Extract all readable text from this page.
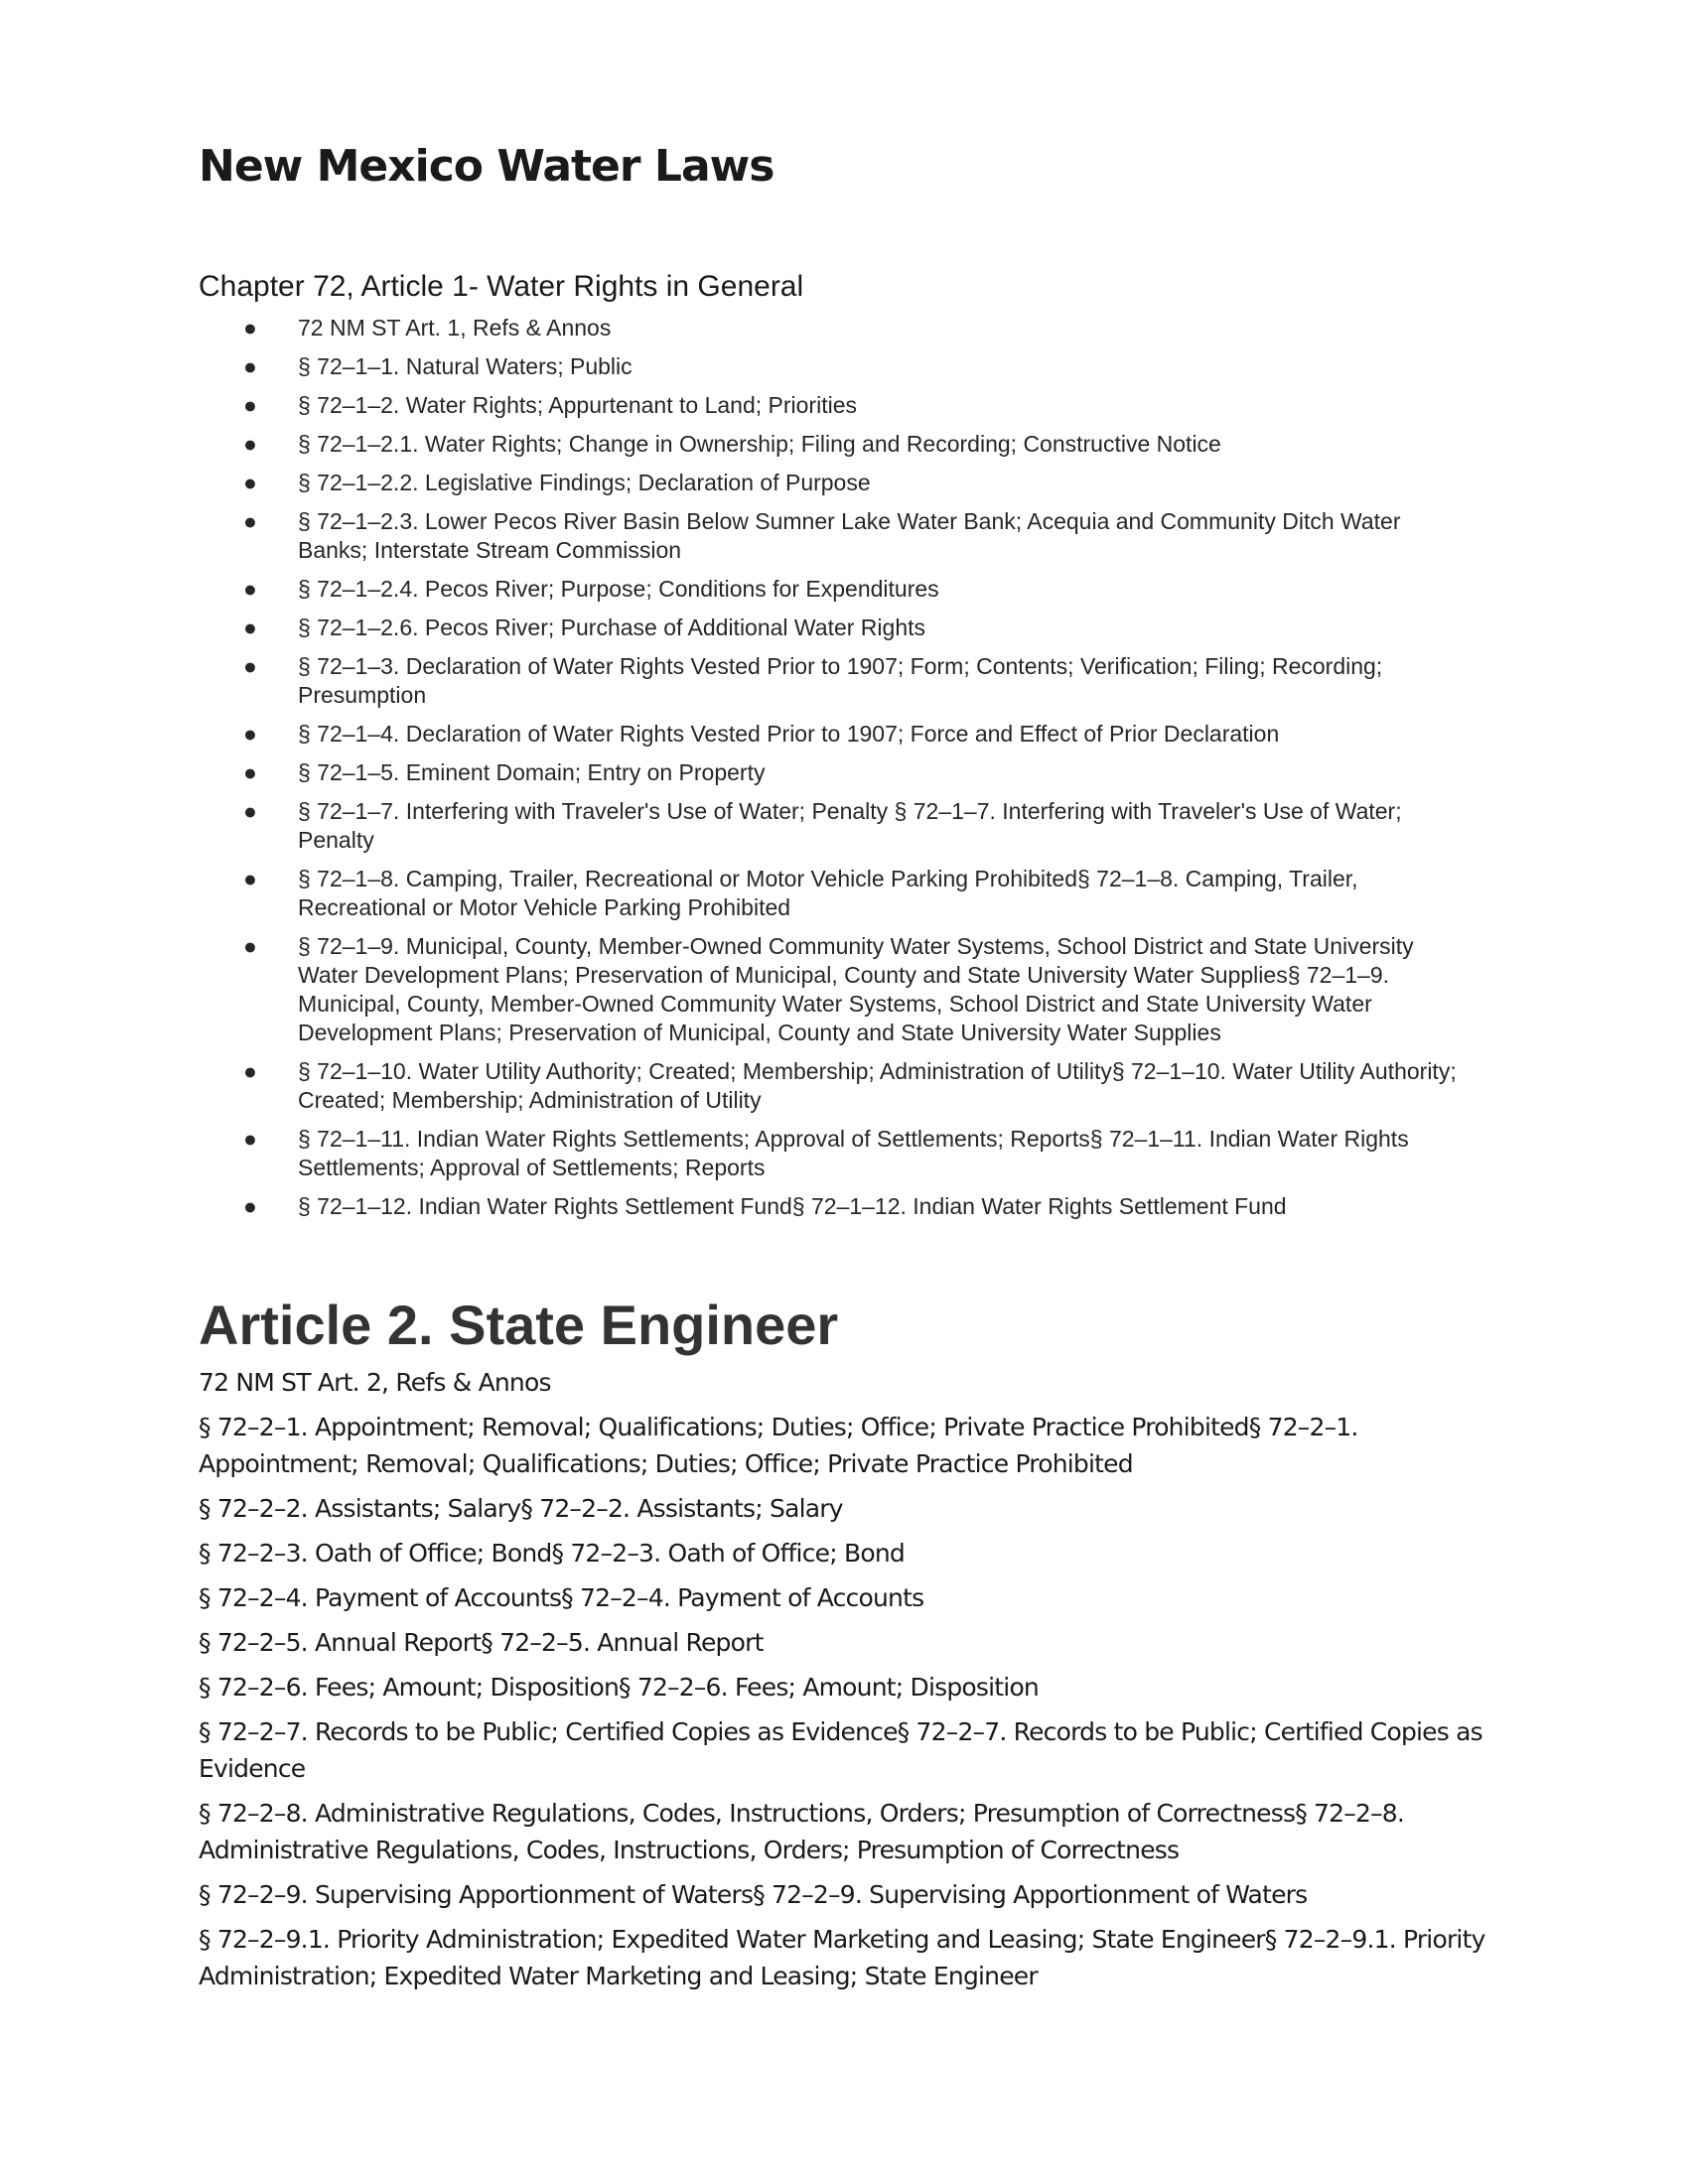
New Mexico Water Laws
Chapter 72, Article 1- Water Rights in General
● 72 NM ST Art. 1, Refs & Annos
● § 72–1–1. Natural Waters; Public
● § 72–1–2. Water Rights; Appurtenant to Land; Priorities
● § 72–1–2.1. Water Rights; Change in Ownership; Filing and Recording; Constructive Notice
● § 72–1–2.2. Legislative Findings; Declaration of Purpose
● § 72–1–2.3. Lower Pecos River Basin Below Sumner Lake Water Bank; Acequia and Community Ditch Water Banks; Interstate Stream Commission
● § 72–1–2.4. Pecos River; Purpose; Conditions for Expenditures
● § 72–1–2.6. Pecos River; Purchase of Additional Water Rights
● § 72–1–3. Declaration of Water Rights Vested Prior to 1907; Form; Contents; Verification; Filing; Recording; Presumption
● § 72–1–4. Declaration of Water Rights Vested Prior to 1907; Force and Effect of Prior Declaration
● § 72–1–5. Eminent Domain; Entry on Property
● § 72–1–7. Interfering with Traveler's Use of Water; Penalty § 72–1–7. Interfering with Traveler's Use of Water; Penalty
● § 72–1–8. Camping, Trailer, Recreational or Motor Vehicle Parking Prohibited§ 72–1–8. Camping, Trailer, Recreational or Motor Vehicle Parking Prohibited
● § 72–1–9. Municipal, County, Member-Owned Community Water Systems, School District and State University Water Development Plans; Preservation of Municipal, County and State University Water Supplies§ 72–1–9. Municipal, County, Member-Owned Community Water Systems, School District and State University Water Development Plans; Preservation of Municipal, County and State University Water Supplies
● § 72–1–10. Water Utility Authority; Created; Membership; Administration of Utility§ 72–1–10. Water Utility Authority; Created; Membership; Administration of Utility
● § 72–1–11. Indian Water Rights Settlements; Approval of Settlements; Reports§ 72–1–11. Indian Water Rights Settlements; Approval of Settlements; Reports
● § 72–1–12. Indian Water Rights Settlement Fund§ 72–1–12. Indian Water Rights Settlement Fund
Article 2. State Engineer

72 NM ST Art. 2, Refs & Annos

§ 72–2–1. Appointment; Removal; Qualifications; Duties; Office; Private Practice Prohibited§ 72–2–1. Appointment; Removal; Qualifications; Duties; Office; Private Practice Prohibited

§ 72–2–2. Assistants; Salary§ 72–2–2. Assistants; Salary

§ 72–2–3. Oath of Office; Bond§ 72–2–3. Oath of Office; Bond

§ 72–2–4. Payment of Accounts§ 72–2–4. Payment of Accounts

§ 72–2–5. Annual Report§ 72–2–5. Annual Report

§ 72–2–6. Fees; Amount; Disposition§ 72–2–6. Fees; Amount; Disposition

§ 72–2–7. Records to be Public; Certified Copies as Evidence§ 72–2–7. Records to be Public; Certified Copies as Evidence

§ 72–2–8. Administrative Regulations, Codes, Instructions, Orders; Presumption of Correctness§ 72–2–8. Administrative Regulations, Codes, Instructions, Orders; Presumption of Correctness

§ 72–2–9. Supervising Apportionment of Waters§ 72–2–9. Supervising Apportionment of Waters

§ 72–2–9.1. Priority Administration; Expedited Water Marketing and Leasing; State Engineer§ 72–2–9.1. Priority Administration; Expedited Water Marketing and Leasing; State Engineer
